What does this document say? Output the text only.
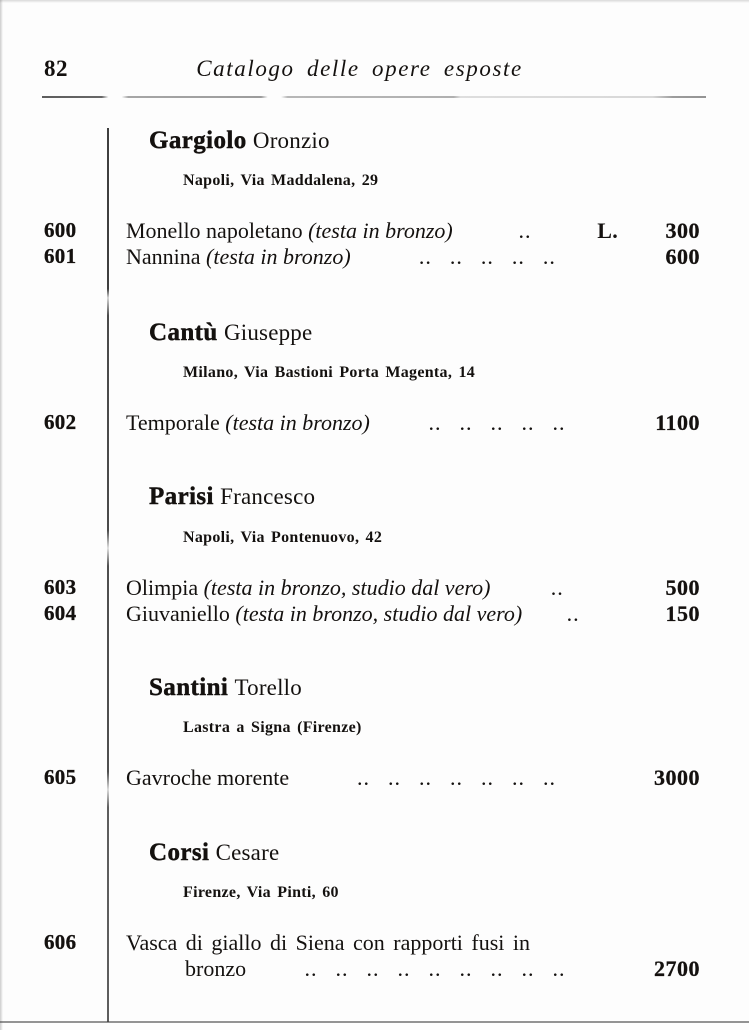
82	Catalogo delle opere esposte
Gargiolo Oronzio
Napoli, Via Maddalena, 29
600	Monello napoletano (testa in bronzo)	..	L.	300
601	Nannina (testa in bronzo)	.. .. .. .. ..	600
Cantù Giuseppe
Milano, Via Bastioni Porta Magenta, 14
602	Temporale (testa in bronzo)	.. .. .. .. ..	1100
Parisi Francesco
Napoli, Via Pontenuovo, 42
603	Olimpia (testa in bronzo, studio dal vero)	..	500
604	Giuvaniello (testa in bronzo, studio dal vero)	..	150
Santini Torello
Lastra a Signa (Firenze)
605	Gavroche morente	.. .. .. .. .. .. ..	3000
Corsi Cesare
Firenze, Via Pinti, 60
606	Vasca di giallo di Siena con rapporti fusi in
bronzo	.. .. .. .. .. .. .. .. ..	2700
